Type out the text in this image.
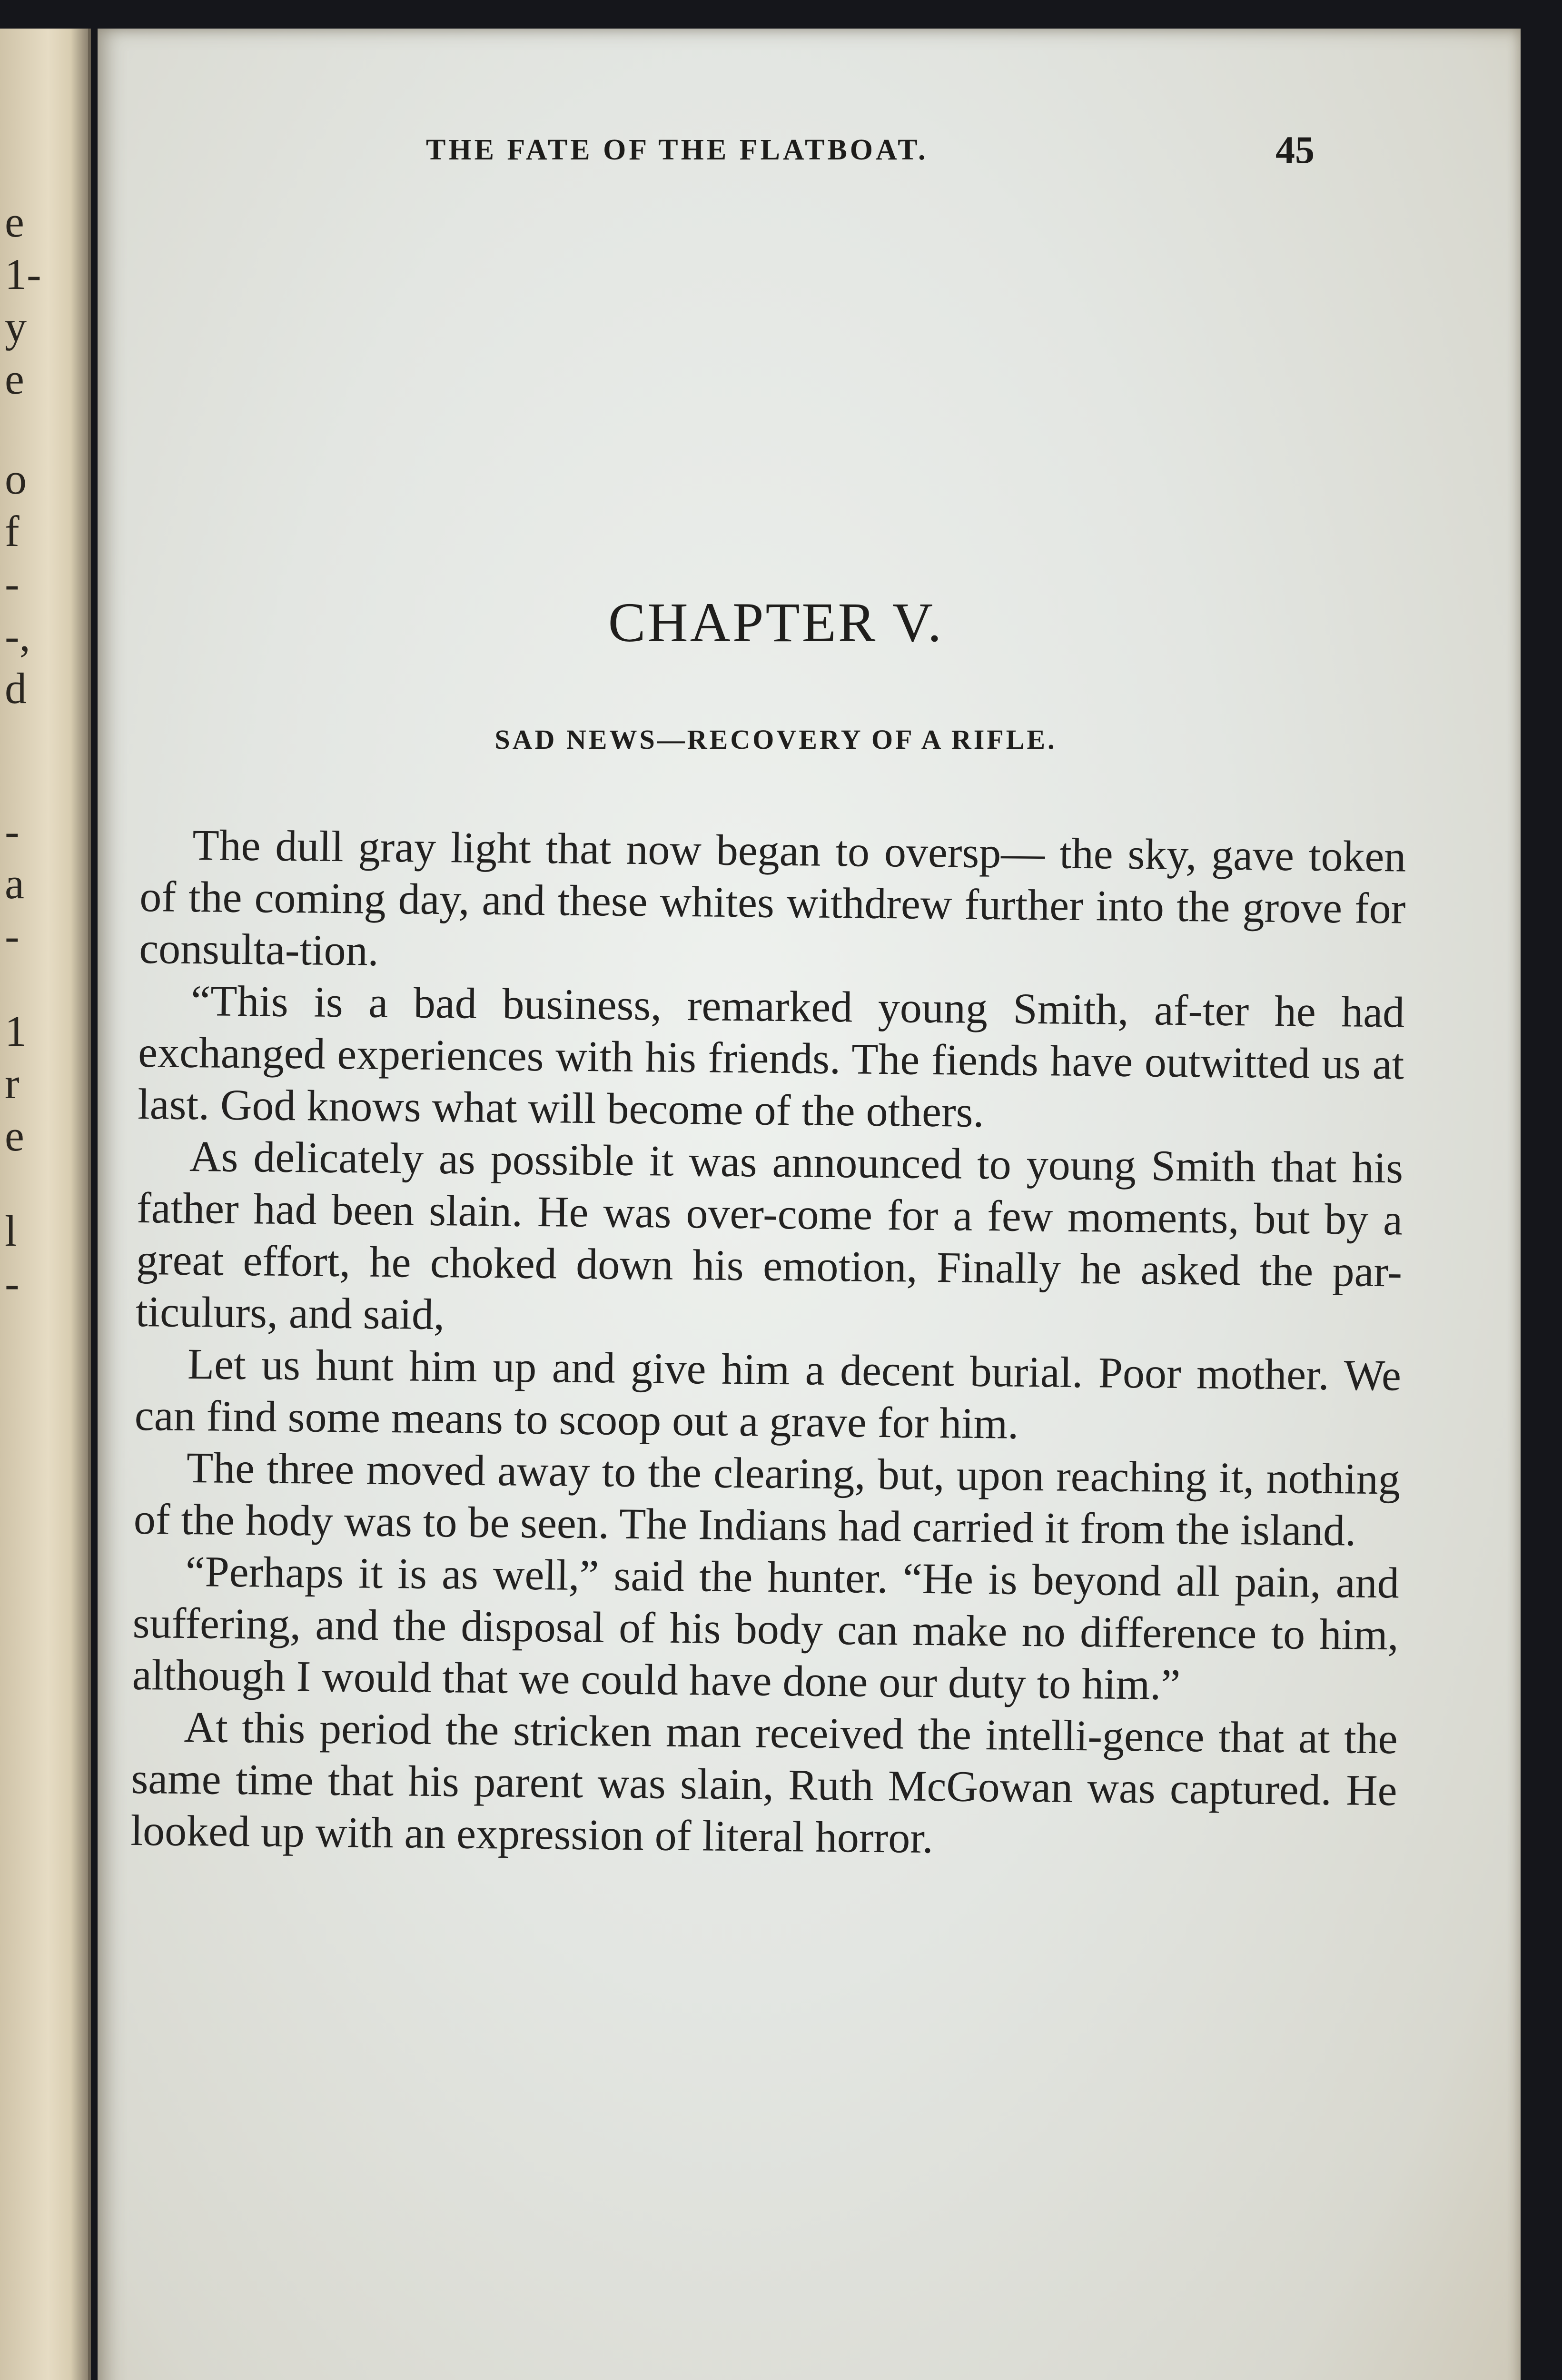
e
1-
y
e
o
f
-
-,
d
-
a
-
1
r
e
l
-
THE FATE OF THE FLATBOAT.	45
CHAPTER V.
SAD NEWS—RECOVERY OF A RIFLE.

The dull gray light that now began to oversp— the sky, gave token of the coming day, and these whites withdrew further into the grove for consulta-tion.

“This is a bad business, remarked young Smith, af-ter he had exchanged experiences with his friends. The fiends have outwitted us at last. God knows what will become of the others.

As delicately as possible it was announced to young Smith that his father had been slain. He was over-come for a few moments, but by a great effort, he choked down his emotion, Finally he asked the par-ticulurs, and said,

Let us hunt him up and give him a decent burial. Poor mother. We can find some means to scoop out a grave for him.

The three moved away to the clearing, but, upon reaching it, nothing of the hody was to be seen. The Indians had carried it from the island.

“Perhaps it is as well,” said the hunter. “He is beyond all pain, and suffering, and the disposal of his body can make no difference to him, although I would that we could have done our duty to him.”

At this period the stricken man received the intelli-gence that at the same time that his parent was slain, Ruth McGowan was captured. He looked up with an expression of literal horror.
